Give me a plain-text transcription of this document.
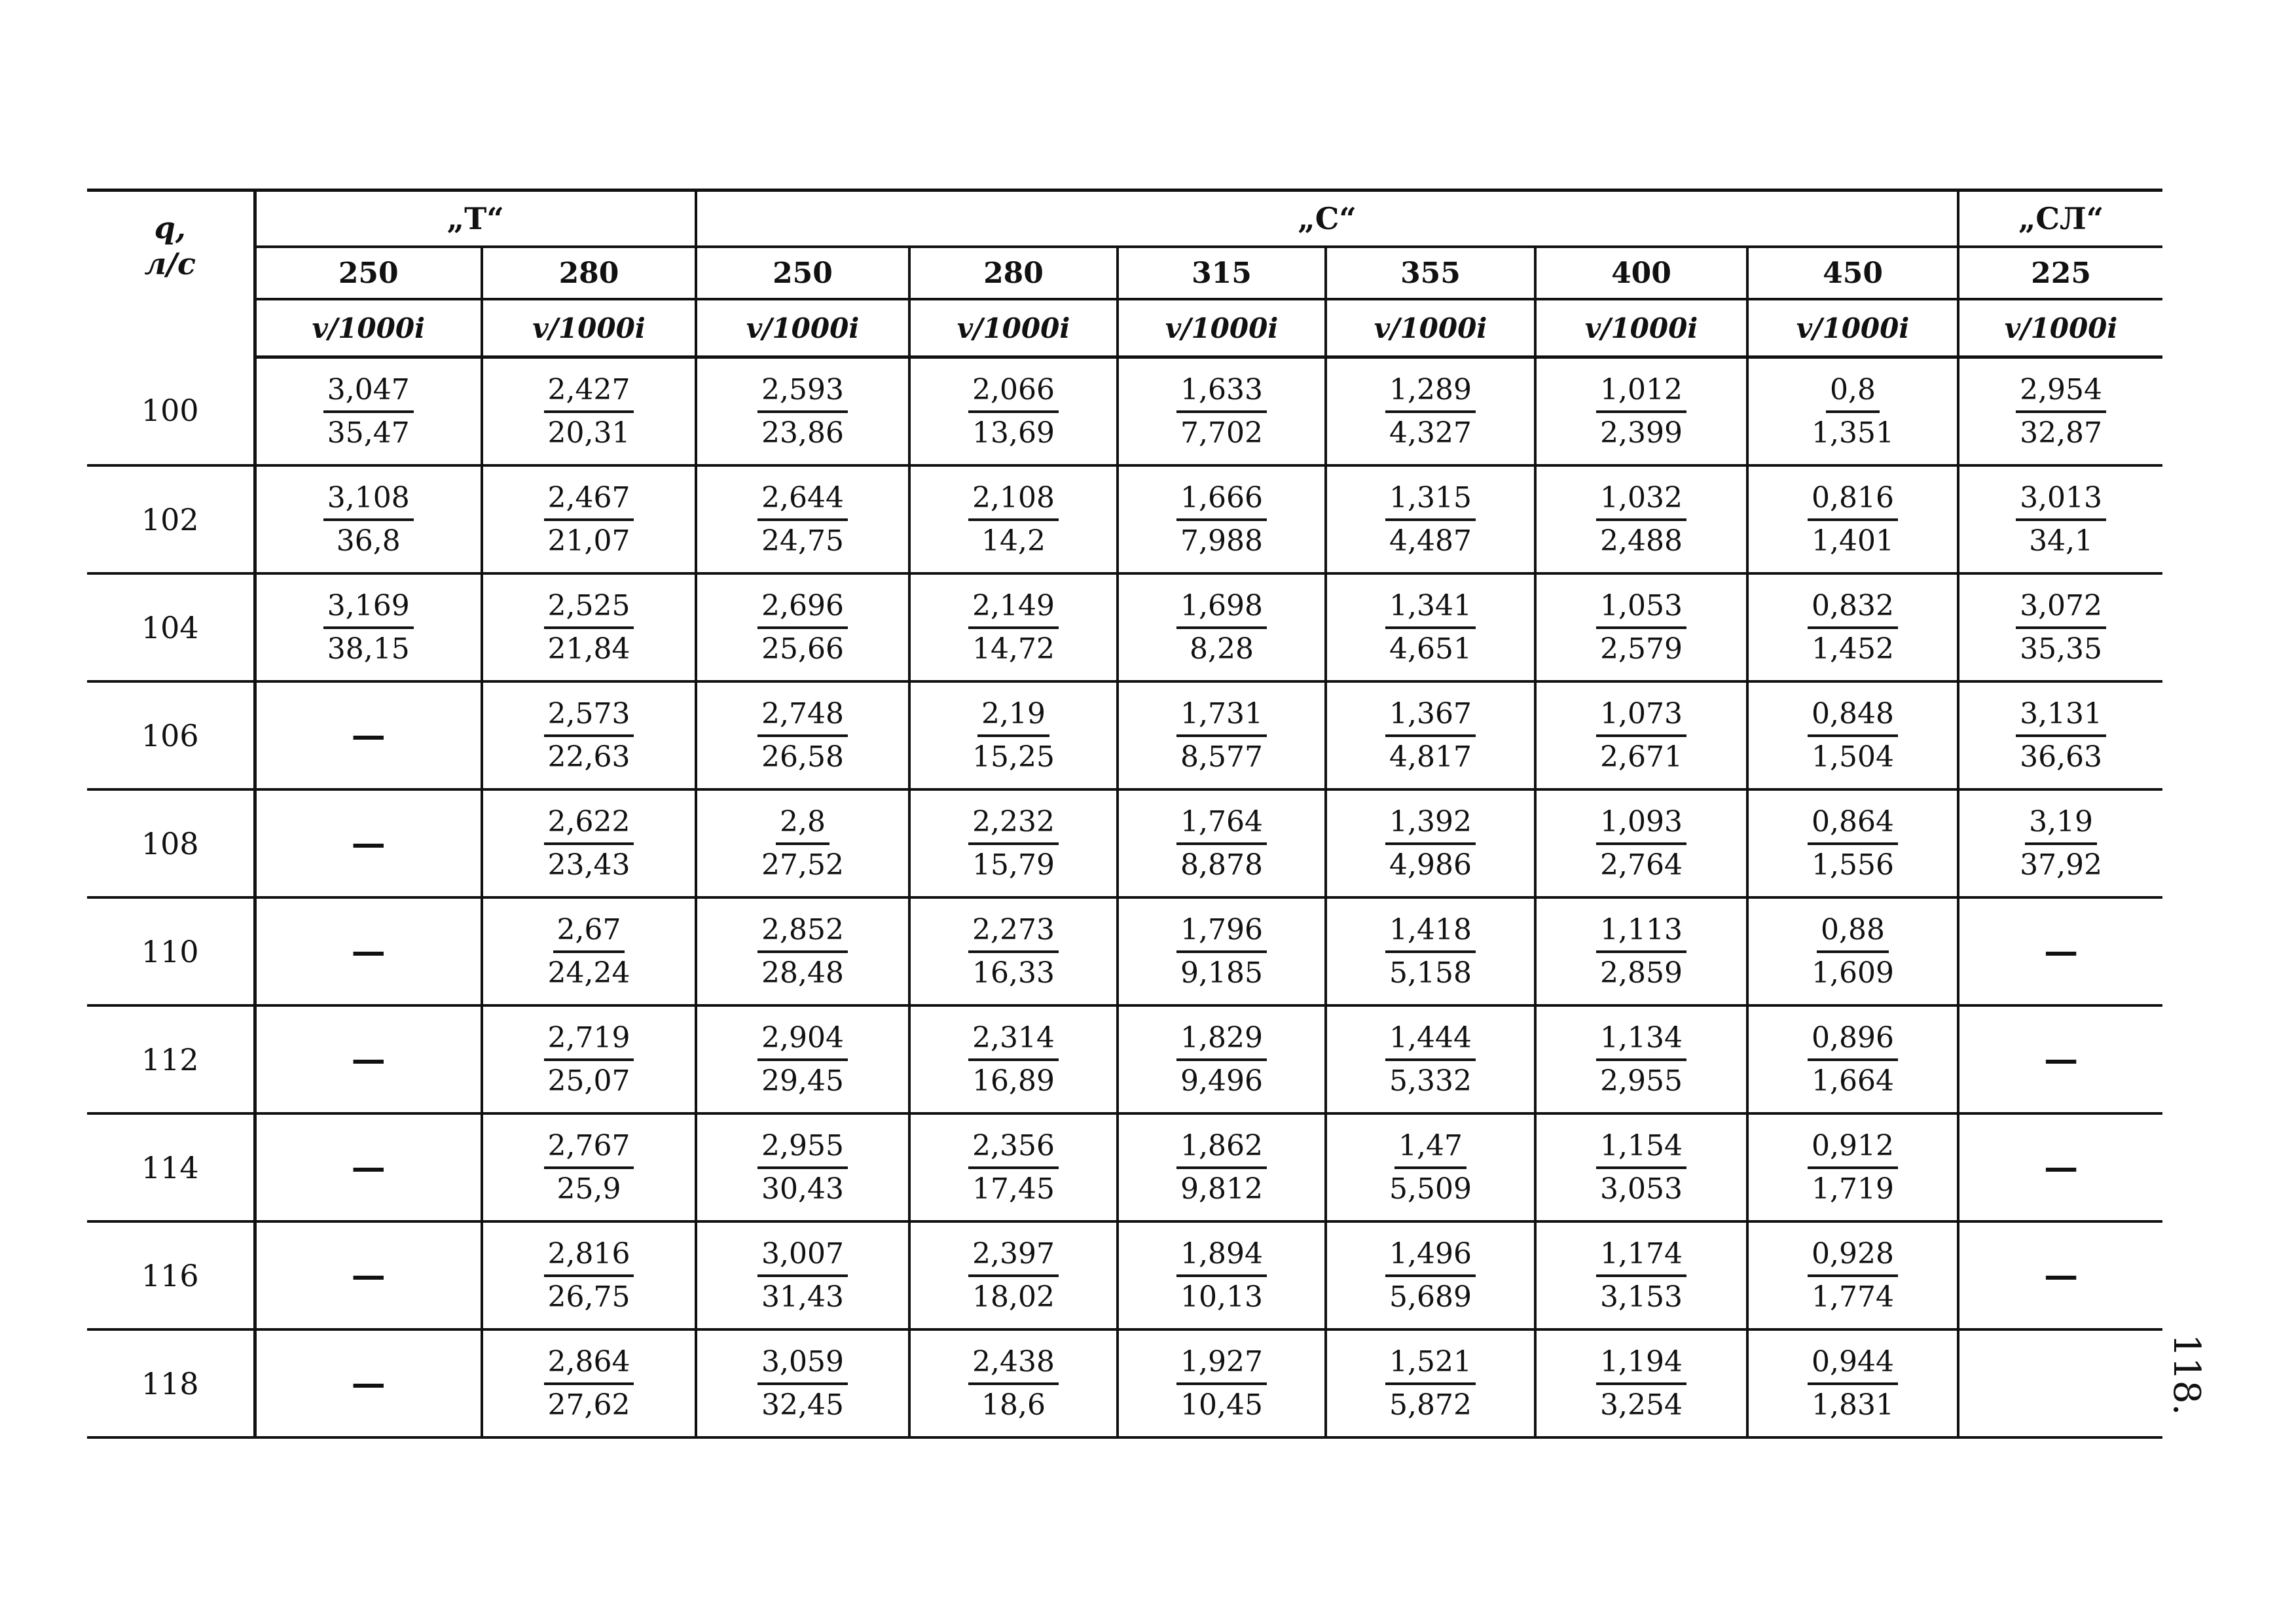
q,
л/с	„Т“		„С“						„СЛ“
	250	280	250	280	315	355	400	450	225
	v/1000i	v/1000i	v/1000i	v/1000i	v/1000i	v/1000i	v/1000i	v/1000i	v/1000i
100	$\frac{3,047}{35,47}$	$\frac{2,427}{20,31}$	$\frac{2,593}{23,86}$	$\frac{2,066}{13,69}$	$\frac{1,633}{7,702}$	$\frac{1,289}{4,327}$	$\frac{1,012}{2,399}$	$\frac{0,8}{1,351}$	$\frac{2,954}{32,87}$

102	$\frac{3,108}{36,8}$	$\frac{2,467}{21,07}$	$\frac{2,644}{24,75}$	$\frac{2,108}{14,2}$	$\frac{1,666}{7,988}$	$\frac{1,315}{4,487}$	$\frac{1,032}{2,488}$	$\frac{0,816}{1,401}$	$\frac{3,013}{34,1}$

104	$\frac{3,169}{38,15}$	$\frac{2,525}{21,84}$	$\frac{2,696}{25,66}$	$\frac{2,149}{14,72}$	$\frac{1,698}{8,28}$	$\frac{1,341}{4,651}$	$\frac{1,053}{2,579}$	$\frac{0,832}{1,452}$	$\frac{3,072}{35,35}$

106	—	$\frac{2,573}{22,63}$	$\frac{2,748}{26,58}$	$\frac{2,19}{15,25}$	$\frac{1,731}{8,577}$	$\frac{1,367}{4,817}$	$\frac{1,073}{2,671}$	$\frac{0,848}{1,504}$	$\frac{3,131}{36,63}$

108	—	$\frac{2,622}{23,43}$	$\frac{2,8}{27,52}$	$\frac{2,232}{15,79}$	$\frac{1,764}{8,878}$	$\frac{1,392}{4,986}$	$\frac{1,093}{2,764}$	$\frac{0,864}{1,556}$	$\frac{3,19}{37,92}$

110	—	$\frac{2,67}{24,24}$	$\frac{2,852}{28,48}$	$\frac{2,273}{16,33}$	$\frac{1,796}{9,185}$	$\frac{1,418}{5,158}$	$\frac{1,113}{2,859}$	$\frac{0,88}{1,609}$	—
112	—	$\frac{2,719}{25,07}$	$\frac{2,904}{29,45}$	$\frac{2,314}{16,89}$	$\frac{1,829}{9,496}$	$\frac{1,444}{5,332}$	$\frac{1,134}{2,955}$	$\frac{0,896}{1,664}$	—
114	—	$\frac{2,767}{25,9}$	$\frac{2,955}{30,43}$	$\frac{2,356}{17,45}$	$\frac{1,862}{9,812}$	$\frac{1,47}{5,509}$	$\frac{1,154}{3,053}$	$\frac{0,912}{1,719}$	—
116	—	$\frac{2,816}{26,75}$	$\frac{3,007}{31,43}$	$\frac{2,397}{18,02}$	$\frac{1,894}{10,13}$	$\frac{1,496}{5,689}$	$\frac{1,174}{3,153}$	$\frac{0,928}{1,774}$	—
118	—	$\frac{2,864}{27,62}$	$\frac{3,059}{32,45}$	$\frac{2,438}{18,6}$	$\frac{1,927}{10,45}$	$\frac{1,521}{5,872}$	$\frac{1,194}{3,254}$	$\frac{0,944}{1,831}$
		118.
